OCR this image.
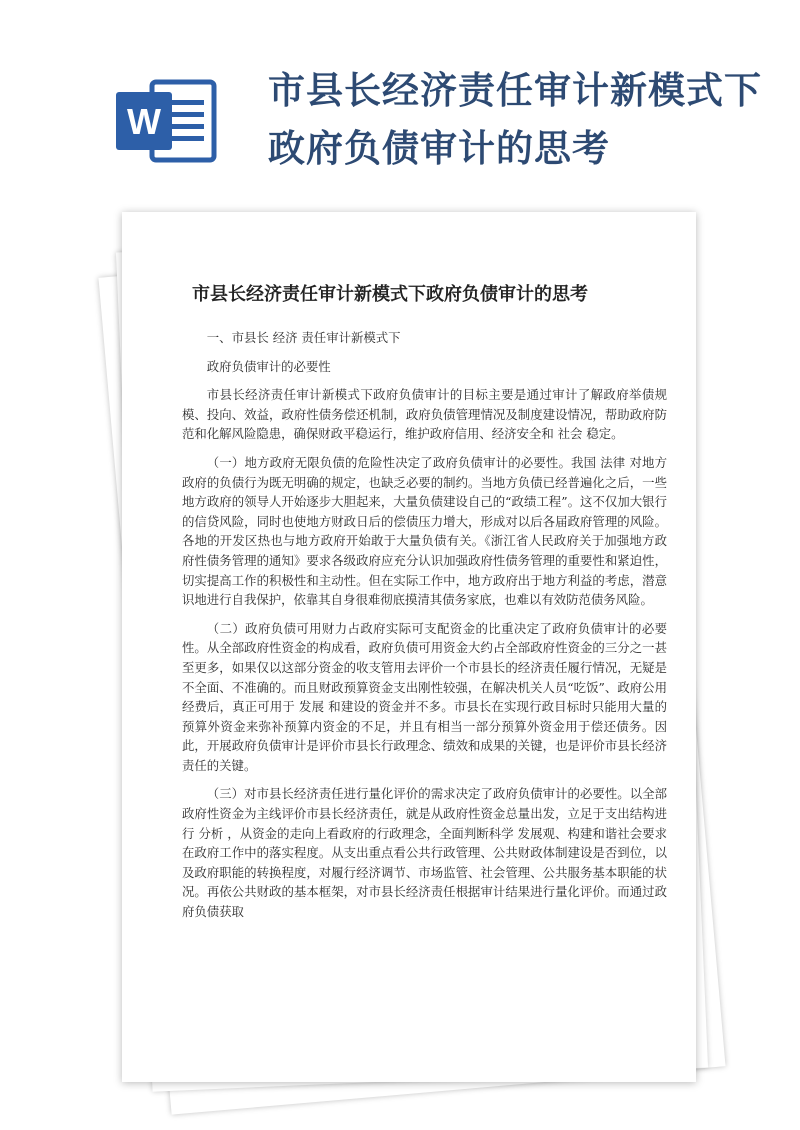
W
市县长经济责任审计新模式下政府负债审计的思考
市县长经济责任审计新模式下政府负债审计的思考

一、市县长 经济 责任审计新模式下

政府负债审计的必要性

市县长经济责任审计新模式下政府负债审计的目标主要是通过审计了解政府举债规模、投向、效益，政府性债务偿还机制，政府负债管理情况及制度建设情况，帮助政府防范和化解风险隐患，确保财政平稳运行，维护政府信用、经济安全和 社会 稳定。

（一）地方政府无限负债的危险性决定了政府负债审计的必要性。我国 法律 对地方政府的负债行为既无明确的规定，也缺乏必要的制约。当地方负债已经普遍化之后，一些地方政府的领导人开始逐步大胆起来，大量负债建设自己的“政绩工程”。这不仅加大银行的信贷风险，同时也使地方财政日后的偿债压力增大，形成对以后各届政府管理的风险。各地的开发区热也与地方政府开始敢于大量负债有关。《浙江省人民政府关于加强地方政府性债务管理的通知》要求各级政府应充分认识加强政府性债务管理的重要性和紧迫性，切实提高工作的积极性和主动性。但在实际工作中，地方政府出于地方利益的考虑，潜意识地进行自我保护，依靠其自身很难彻底摸清其债务家底，也难以有效防范债务风险。

（二）政府负债可用财力占政府实际可支配资金的比重决定了政府负债审计的必要性。从全部政府性资金的构成看，政府负债可用资金大约占全部政府性资金的三分之一甚至更多，如果仅以这部分资金的收支管用去评价一个市县长的经济责任履行情况，无疑是不全面、不准确的。而且财政预算资金支出刚性较强，在解决机关人员“吃饭”、政府公用经费后，真正可用于 发展 和建设的资金并不多。市县长在实现行政目标时只能用大量的预算外资金来弥补预算内资金的不足，并且有相当一部分预算外资金用于偿还债务。因此，开展政府负债审计是评价市县长行政理念、绩效和成果的关键，也是评价市县长经济责任的关键。

（三）对市县长经济责任进行量化评价的需求决定了政府负债审计的必要性。以全部政府性资金为主线评价市县长经济责任，就是从政府性资金总量出发，立足于支出结构进行 分析 ，从资金的走向上看政府的行政理念，全面判断科学 发展观、构建和谐社会要求在政府工作中的落实程度。从支出重点看公共行政管理、公共财政体制建设是否到位，以及政府职能的转换程度，对履行经济调节、市场监管、社会管理、公共服务基本职能的状况。再依公共财政的基本框架，对市县长经济责任根据审计结果进行量化评价。而通过政府负债获取
